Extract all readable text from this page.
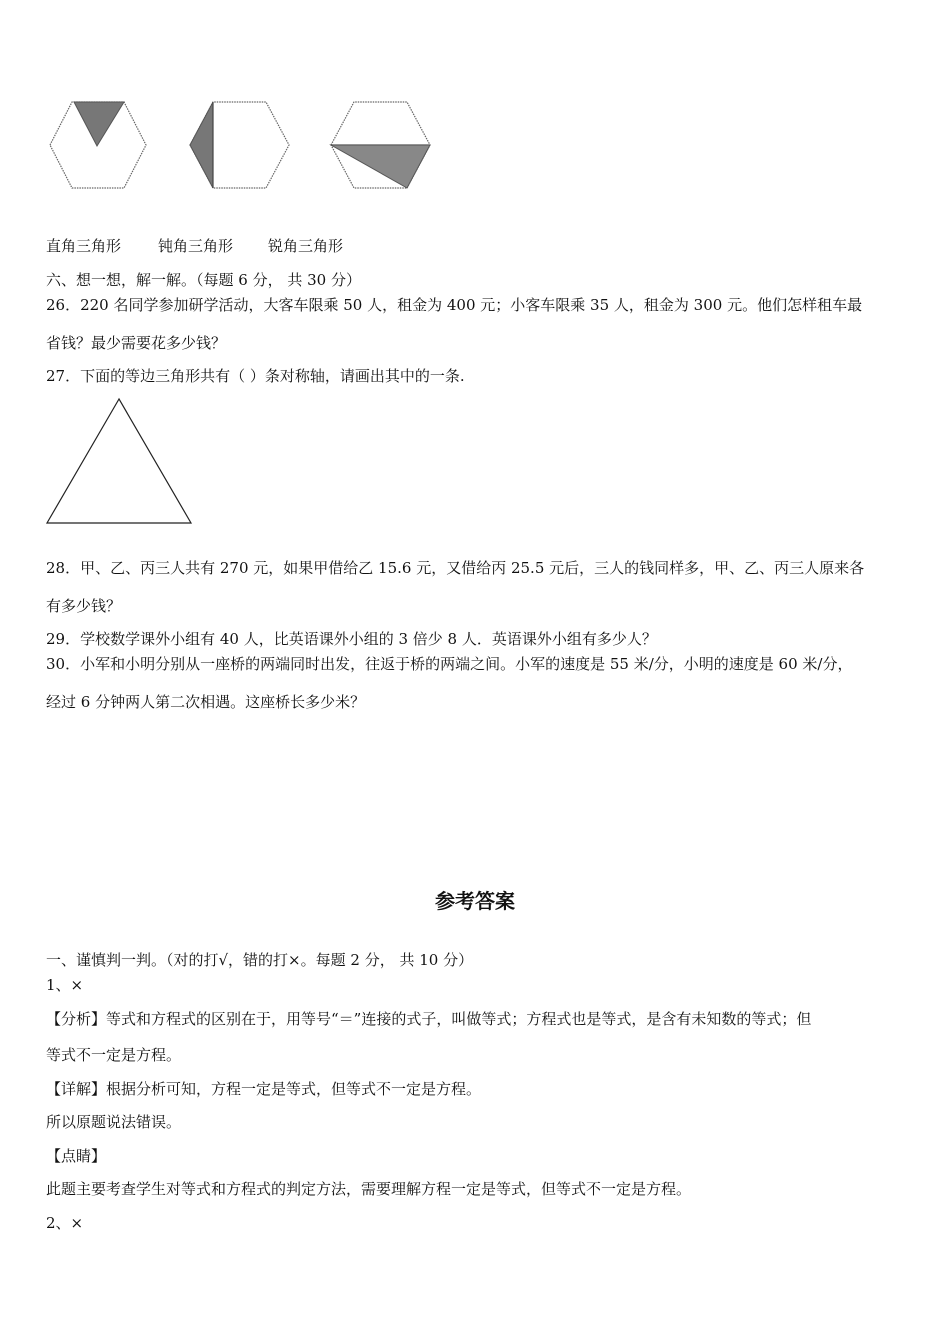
直角三角形 钝角三角形 锐角三角形
六、想一想，解一解。（每题 6 分， 共 30 分）
26．220 名同学参加研学活动，大客车限乘 50 人，租金为 400 元；小客车限乘 35 人，租金为 300 元。他们怎样租车最
省钱？最少需要花多少钱？
27．下面的等边三角形共有（ ）条对称轴，请画出其中的一条.
28．甲、乙、丙三人共有 270 元，如果甲借给乙 15.6 元，又借给丙 25.5 元后，三人的钱同样多，甲、乙、丙三人原来各
有多少钱？
29．学校数学课外小组有 40 人，比英语课外小组的 3 倍少 8 人．英语课外小组有多少人？
30．小军和小明分别从一座桥的两端同时出发，往返于桥的两端之间。小军的速度是 55 米/分，小明的速度是 60 米/分，
经过 6 分钟两人第二次相遇。这座桥长多少米？
参考答案
一、谨慎判一判。（对的打√，错的打×。每题 2 分， 共 10 分）
1、×
【分析】等式和方程式的区别在于，用等号“＝”连接的式子，叫做等式；方程式也是等式，是含有未知数的等式；但
等式不一定是方程。
【详解】根据分析可知，方程一定是等式，但等式不一定是方程。
所以原题说法错误。
【点睛】
此题主要考查学生对等式和方程式的判定方法，需要理解方程一定是等式，但等式不一定是方程。
2、×
